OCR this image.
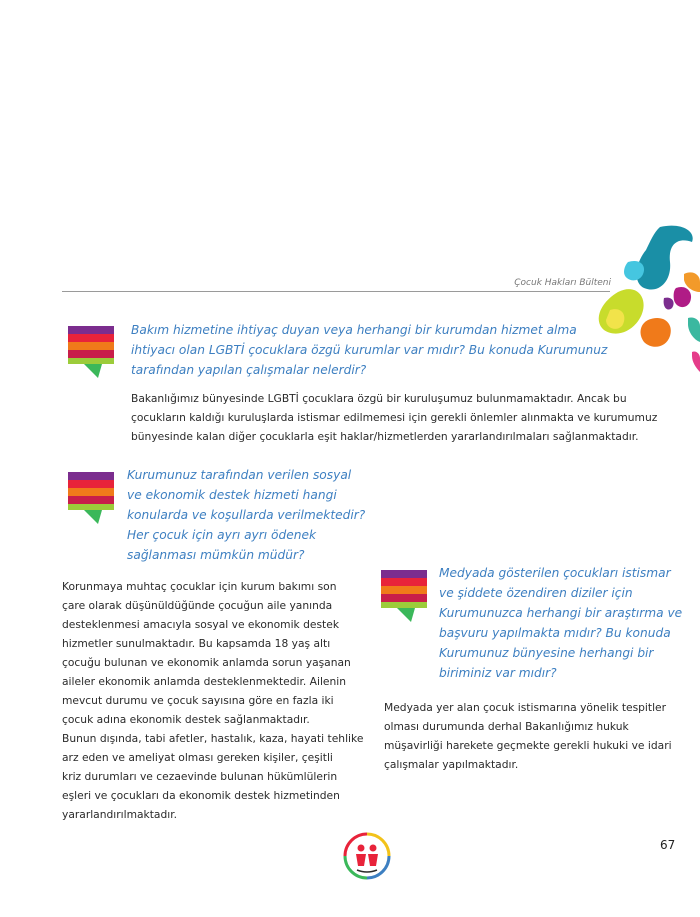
Çocuk Hakları Bülteni

Bakım hizmetine ihtiyaç duyan veya herhangi bir kurumdan hizmet alma
ihtiyacı olan LGBTİ çocuklara özgü kurumlar var mıdır? Bu konuda Kurumunuz
tarafından yapılan çalışmalar nelerdir?

Bakanlığımız bünyesinde LGBTİ çocuklara özgü bir kuruluşumuz bulunmamaktadır. Ancak bu
çocukların kaldığı kuruluşlarda istismar edilmemesi için gerekli önlemler alınmakta ve kurumumuz
bünyesinde kalan diğer çocuklarla eşit haklar/hizmetlerden yararlandırılmaları sağlanmaktadır.

Kurumunuz tarafından verilen sosyal
ve ekonomik destek hizmeti hangi
konularda ve koşullarda verilmektedir?
Her çocuk için ayrı ayrı ödenek
sağlanması mümkün müdür?

Korunmaya muhtaç çocuklar için kurum bakımı son
çare olarak düşünüldüğünde çocuğun aile yanında
desteklenmesi amacıyla sosyal ve ekonomik destek
hizmetler sunulmaktadır. Bu kapsamda 18 yaş altı
çocuğu bulunan ve ekonomik anlamda sorun yaşanan
aileler ekonomik anlamda desteklenmektedir. Ailenin
mevcut durumu ve çocuk sayısına göre en fazla iki
çocuk adına ekonomik destek sağlanmaktadır.
Bunun dışında, tabi afetler, hastalık, kaza, hayati tehlike
arz eden ve ameliyat olması gereken kişiler, çeşitli
kriz durumları ve cezaevinde bulunan hükümlülerin
eşleri ve çocukları da ekonomik destek hizmetinden
yararlandırılmaktadır.

Medyada gösterilen çocukları istismar
ve şiddete özendiren diziler için
Kurumunuzca herhangi bir araştırma ve
başvuru yapılmakta mıdır? Bu konuda
Kurumunuz bünyesine herhangi bir
biriminiz var mıdır?

Medyada yer alan çocuk istismarına yönelik tespitler
olması durumunda derhal Bakanlığımız hukuk
müşavirliği harekete geçmekte gerekli hukuki ve idari
çalışmalar yapılmaktadır.
67
